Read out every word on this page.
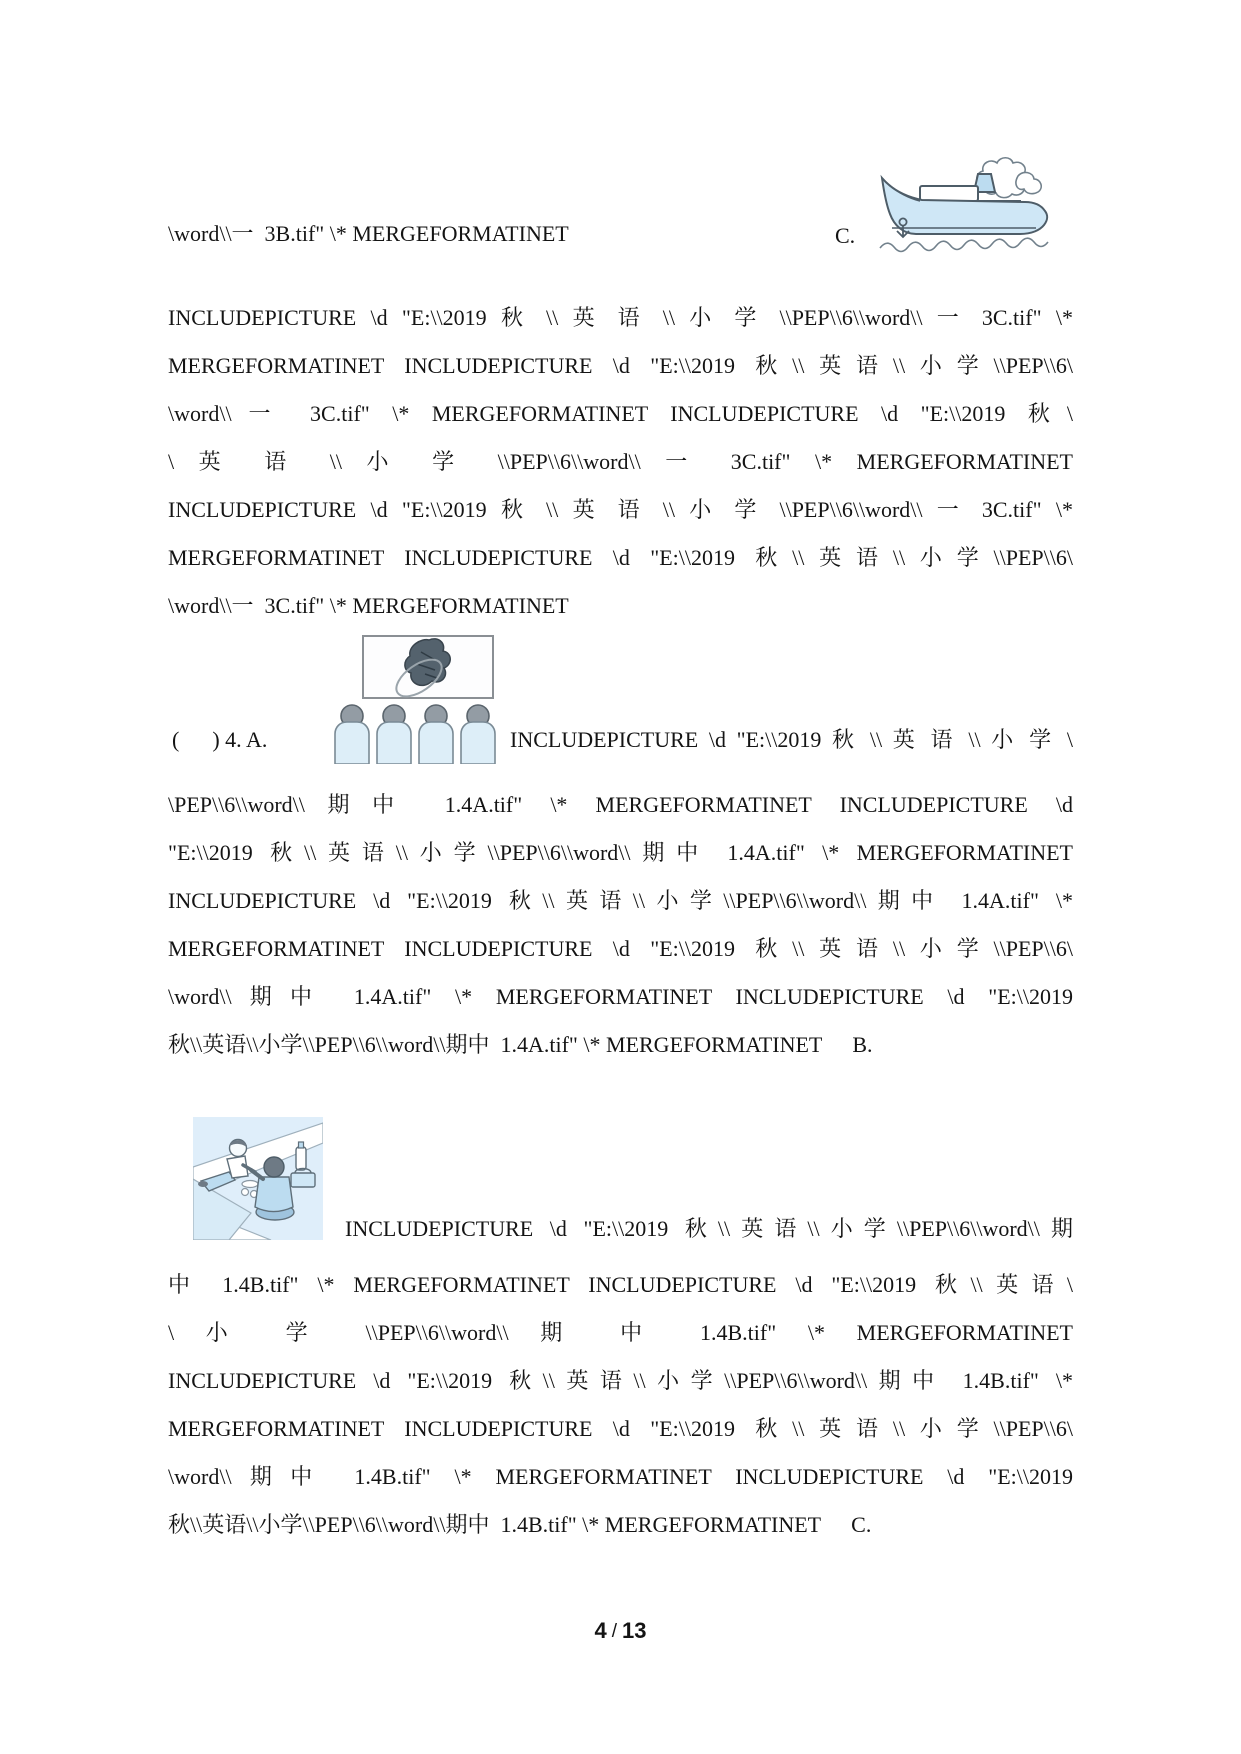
\word\\一  3B.tif" \* MERGEFORMATINET	C.
INCLUDEPICTURE \d "E:\\2019 秋 \\ 英 语 \\ 小 学 \\PEP\\6\\word\\ 一 3C.tif" \*
MERGEFORMATINET INCLUDEPICTURE \d "E:\\2019 秋\\英语\\小学\\PEP\\6\
\word\\一 3C.tif" \* MERGEFORMATINET INCLUDEPICTURE \d "E:\\2019 秋\
\ 英 语 \\ 小 学 \\PEP\\6\\word\\ 一 3C.tif" \* MERGEFORMATINET
INCLUDEPICTURE \d "E:\\2019 秋 \\ 英 语 \\ 小 学 \\PEP\\6\\word\\ 一 3C.tif" \*
MERGEFORMATINET INCLUDEPICTURE \d "E:\\2019 秋\\英语\\小学\\PEP\\6\
\word\\一  3C.tif" \* MERGEFORMATINET
(      ) 4. A.	INCLUDEPICTURE \d "E:\\2019 秋 \\ 英 语 \\ 小 学 \
\PEP\\6\\word\\期中 1.4A.tif" \* MERGEFORMATINET INCLUDEPICTURE \d
"E:\\2019 秋\\英语\\小学\\PEP\\6\\word\\期中 1.4A.tif" \* MERGEFORMATINET
INCLUDEPICTURE \d "E:\\2019 秋\\英语\\小学\\PEP\\6\\word\\期中 1.4A.tif" \*
MERGEFORMATINET INCLUDEPICTURE \d "E:\\2019 秋\\英语\\小学\\PEP\\6\
\word\\期中 1.4A.tif" \* MERGEFORMATINET INCLUDEPICTURE \d "E:\\2019
秋\\英语\\小学\\PEP\\6\\word\\期中  1.4A.tif" \* MERGEFORMATINET B.
INCLUDEPICTURE \d "E:\\2019 秋\\英语\\小学\\PEP\\6\\word\\期
中 1.4B.tif" \* MERGEFORMATINET INCLUDEPICTURE \d "E:\\2019 秋\\英语\
\ 小 学 \\PEP\\6\\word\\ 期 中 1.4B.tif" \* MERGEFORMATINET
INCLUDEPICTURE \d "E:\\2019 秋\\英语\\小学\\PEP\\6\\word\\期中 1.4B.tif" \*
MERGEFORMATINET INCLUDEPICTURE \d "E:\\2019 秋\\英语\\小学\\PEP\\6\
\word\\期中 1.4B.tif" \* MERGEFORMATINET INCLUDEPICTURE \d "E:\\2019
秋\\英语\\小学\\PEP\\6\\word\\期中  1.4B.tif" \* MERGEFORMATINET C.
4 / 13
